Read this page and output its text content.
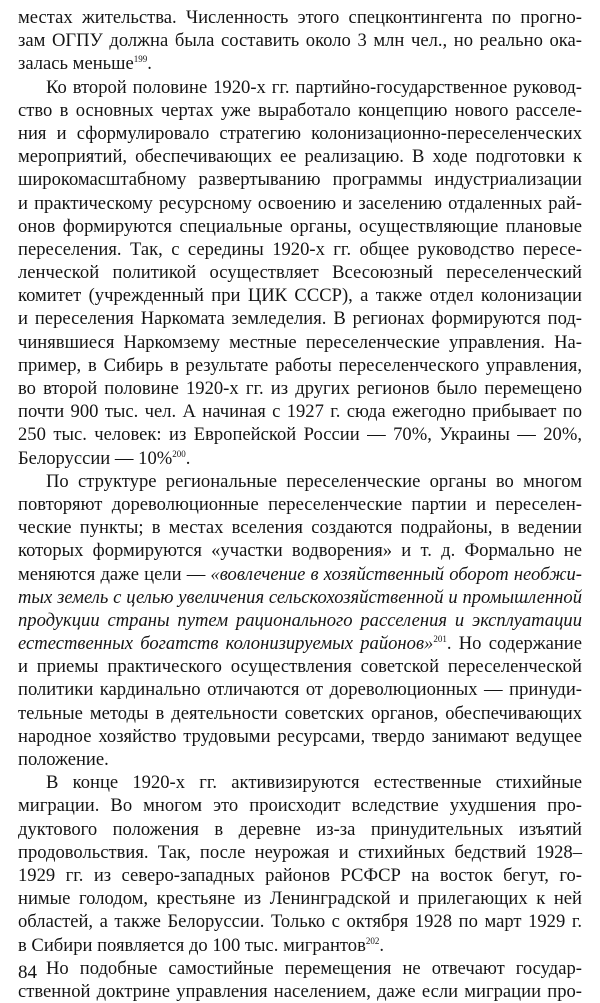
местах жительства. Численность этого спецконтингента по прогно-
зам ОГПУ должна была составить около 3 млн чел., но реально ока-
залась меньше$^{199}$.
Ко второй половине 1920-х гг. партийно-государственное руковод-
ство в основных чертах уже выработало концепцию нового расселе-
ния и сформулировало стратегию колонизационно-переселенческих
мероприятий, обеспечивающих ее реализацию. В ходе подготовки к
широкомасштабному развертыванию программы индустриализации
и практическому ресурсному освоению и заселению отдаленных рай-
онов формируются специальные органы, осуществляющие плановые
переселения. Так, с середины 1920-х гг. общее руководство пересе-
ленческой политикой осуществляет Всесоюзный переселенческий
комитет (учрежденный при ЦИК СССР), а также отдел колонизации
и переселения Наркомата земледелия. В регионах формируются под-
чинявшиеся Наркомзему местные переселенческие управления. На-
пример, в Сибирь в результате работы переселенческого управления,
во второй половине 1920-х гг. из других регионов было перемещено
почти 900 тыс. чел. А начиная с 1927 г. сюда ежегодно прибывает по
250 тыс. человек: из Европейской России — 70%, Украины — 20%,
Белоруссии — 10%$^{200}$.
По структуре региональные переселенческие органы во многом
повторяют дореволюционные переселенческие партии и переселен-
ческие пункты; в местах вселения создаются подрайоны, в ведении
которых формируются «участки водворения» и т. д. Формально не
меняются даже цели — «вовлечение в хозяйственный оборот необжи-
тых земель с целью увеличения сельскохозяйственной и промышленной
продукции страны путем рационального расселения и эксплуатации
естественных богатств колонизируемых районов»$^{201}$. Но содержание
и приемы практического осуществления советской переселенческой
политики кардинально отличаются от дореволюционных — принуди-
тельные методы в деятельности советских органов, обеспечивающих
народное хозяйство трудовыми ресурсами, твердо занимают ведущее
положение.
В конце 1920-х гг. активизируются естественные стихийные
миграции. Во многом это происходит вследствие ухудшения про-
дуктового положения в деревне из-за принудительных изъятий
продовольствия. Так, после неурожая и стихийных бедствий 1928–
1929 гг. из северо-западных районов РСФСР на восток бегут, го-
нимые голодом, крестьяне из Ленинградской и прилегающих к ней
областей, а также Белоруссии. Только с октября 1928 по март 1929 г.
в Сибири появляется до 100 тыс. мигрантов$^{202}$.
Но подобные самостийные перемещения не отвечают государ-
ственной доктрине управления населением, даже если миграции про-
84
